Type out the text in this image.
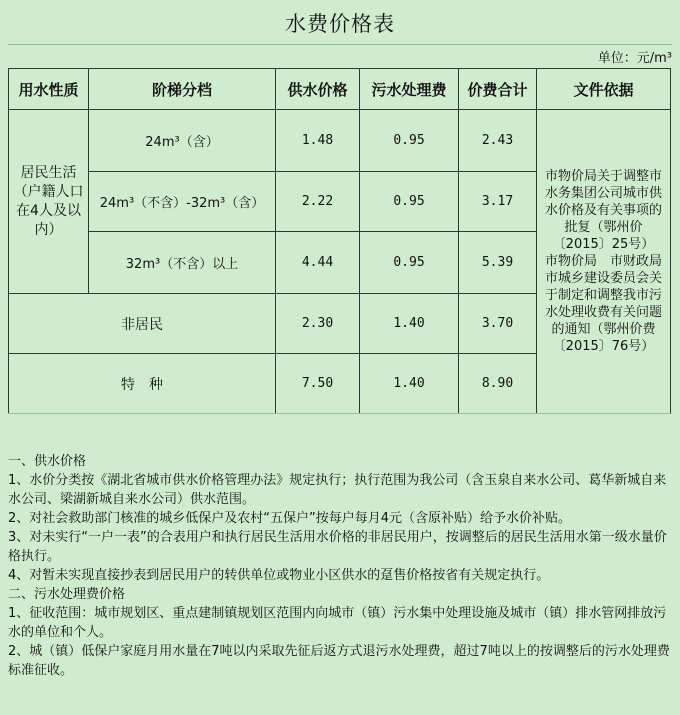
水费价格表
单位：元/m³
用水性质	阶梯分档	供水价格	污水处理费	价费合计	文件依据
居民生活（户籍人口在4人及以内）	24m³（含）	1.48	0.95	2.43	市物价局关于调整市水务集团公司城市供水价格及有关事项的批复（鄂州价〔2015〕25号）
市物价局　市财政局市城乡建设委员会关于制定和调整我市污水处理收费有关问题的通知（鄂州价费〔2015〕76号）

	24m³（不含）-32m³（含）	2.22	0.95	3.17	
	32m³（不含）以上	4.44	0.95	5.39	
非居民		2.30	1.40	3.70	
特　种		7.50	1.40	8.90	
一、供水价格
1、水价分类按《湖北省城市供水价格管理办法》规定执行；执行范围为我公司（含玉泉自来水公司、葛华新城自来水公司、梁湖新城自来水公司）供水范围。
2、对社会救助部门核准的城乡低保户及农村“五保户”按每户每月4元（含原补贴）给予水价补贴。
3、对未实行“一户一表”的合表用户和执行居民生活用水价格的非居民用户，按调整后的居民生活用水第一级水量价格执行。
4、对暂未实现直接抄表到居民用户的转供单位或物业小区供水的趸售价格按省有关规定执行。
二、污水处理费价格
1、征收范围：城市规划区、重点建制镇规划区范围内向城市（镇）污水集中处理设施及城市（镇）排水管网排放污水的单位和个人。
2、城（镇）低保户家庭月用水量在7吨以内采取先征后返方式退污水处理费，超过7吨以上的按调整后的污水处理费标准征收。
